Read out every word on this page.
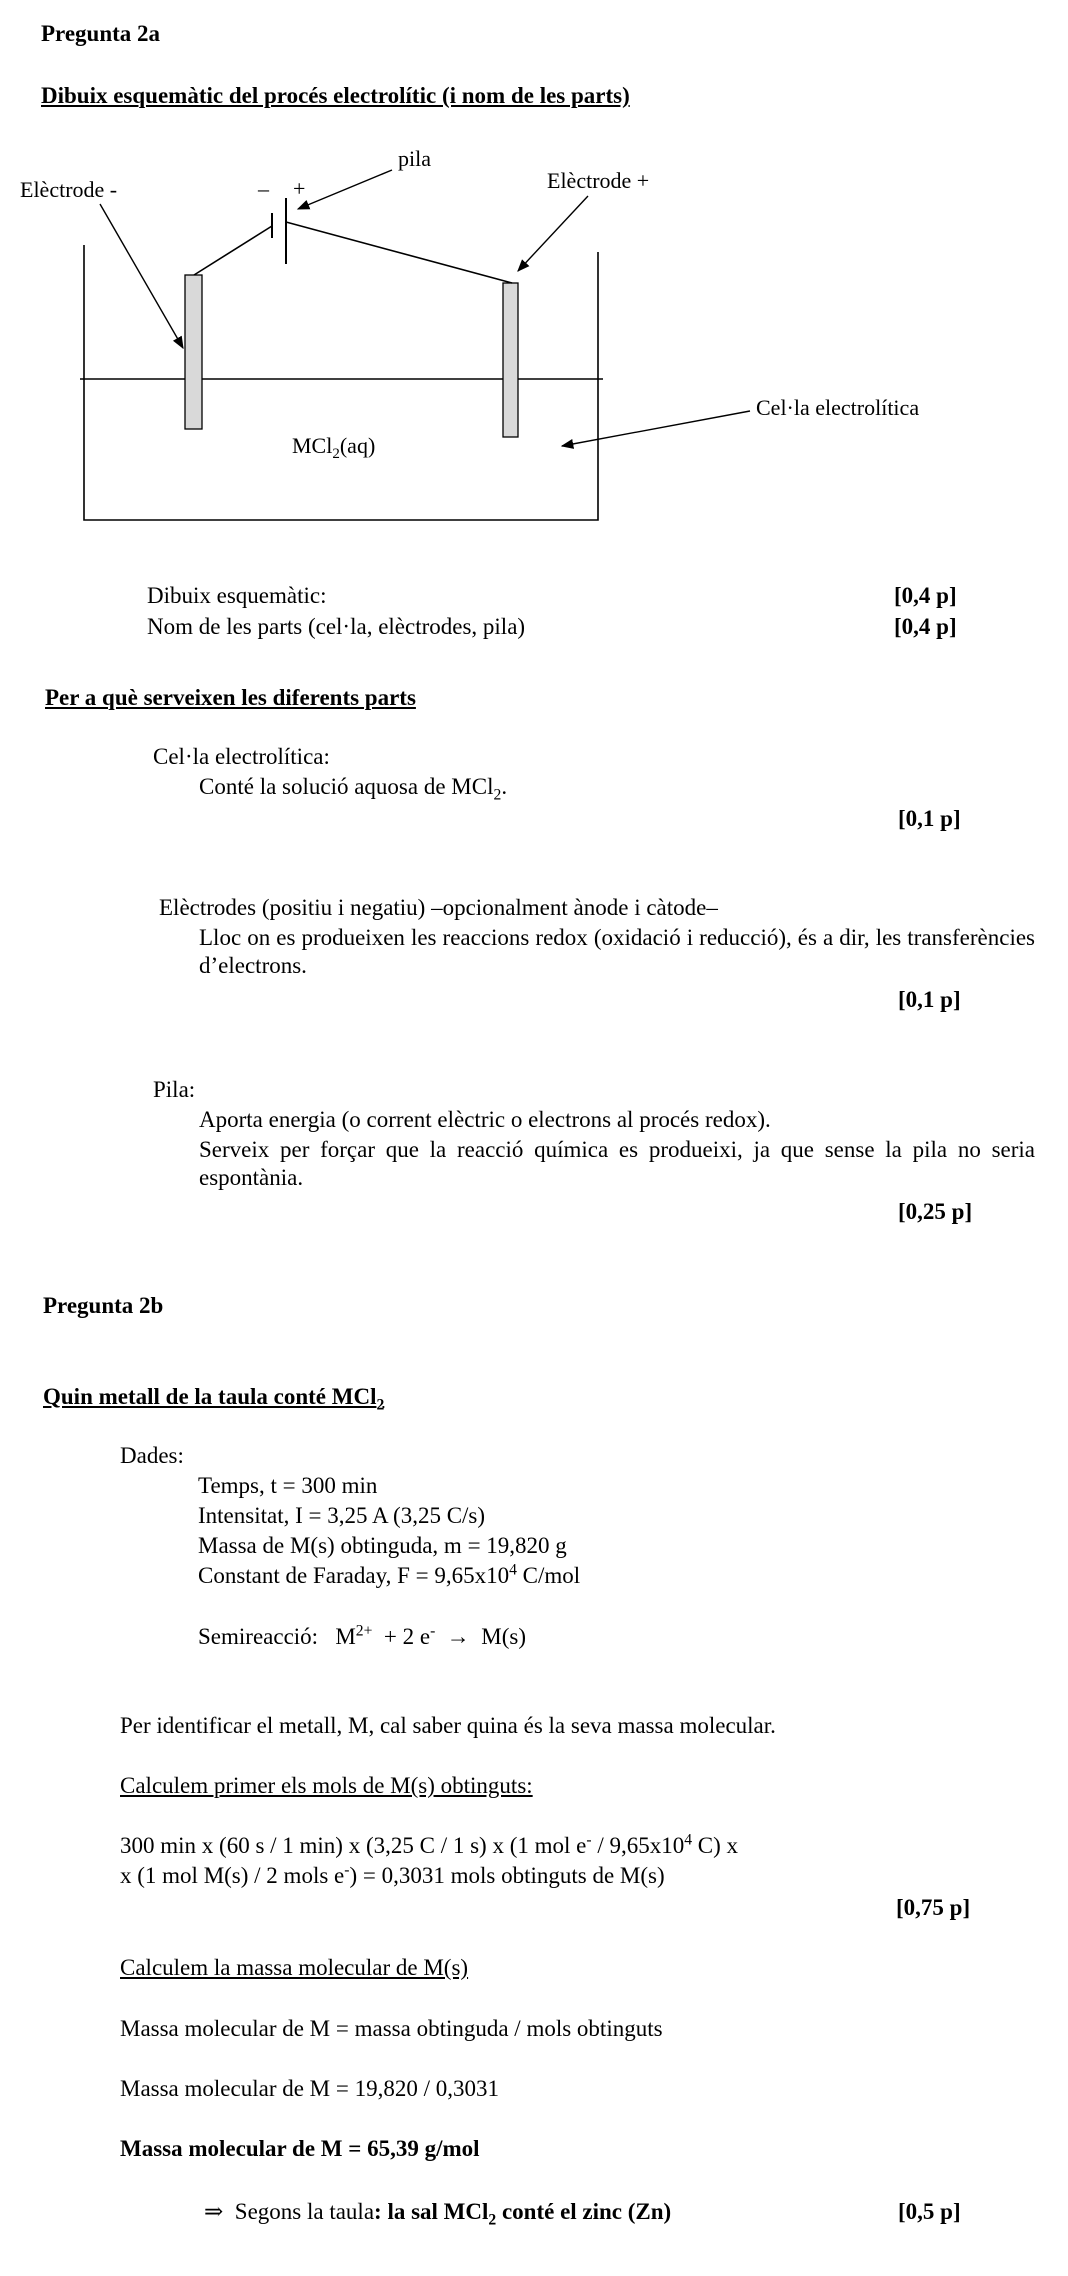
Pregunta 2a
Dibuix esquemàtic del procés electrolític (i nom de les parts)
– +
pila
Elèctrode -	Elèctrode +
Cel·la electrolítica
MCl$_2$(aq)
Dibuix esquemàtic:	[0,4 p]
Nom de les parts (cel·la, elèctrodes, pila)	[0,4 p]
Per a què serveixen les diferents parts
Cel·la electrolítica:
Conté la solució aquosa de MCl$_2$.
[0,1 p]
Elèctrodes (positiu i negatiu) –opcionalment ànode i càtode–
Lloc on es produeixen les reaccions redox (oxidació i reducció), és a dir, les transferències d’electrons.
[0,1 p]
Pila:
Aporta energia (o corrent elèctric o electrons al procés redox).
Serveix per forçar que la reacció química es produeixi, ja que sense la pila no seria espontània.
[0,25 p]
Pregunta 2b
Quin metall de la taula conté MCl$_2$
Dades:
Temps, t = 300 min
Intensitat, I = 3,25 A (3,25 C/s)
Massa de M(s) obtinguda, m = 19,820 g
Constant de Faraday, $F = 9,65x10^4$ C/mol
Semireacció: $M^{2+} + 2$ e- → M(s)
Per identificar el metall, M, cal saber quina és la seva massa molecular.
Calculem primer els mols de M(s) obtinguts:
300 min x (60 s / 1 min) x (3,25 C / 1 s) x (1 mol $e^- / 9,65x10^4$ C) x
x (1 mol M(s) / 2 mols e-) = 0,3031 mols obtinguts de M(s)
[0,75 p]
Calculem la massa molecular de M(s)
Massa molecular de M = massa obtinguda / mols obtinguts
Massa molecular de M = 19,820 / 0,3031
Massa molecular de M = 65,39 g/mol
⇒ Segons la taula: la sal MCl$_2$ conté el zinc (Zn)	[0,5 p]
